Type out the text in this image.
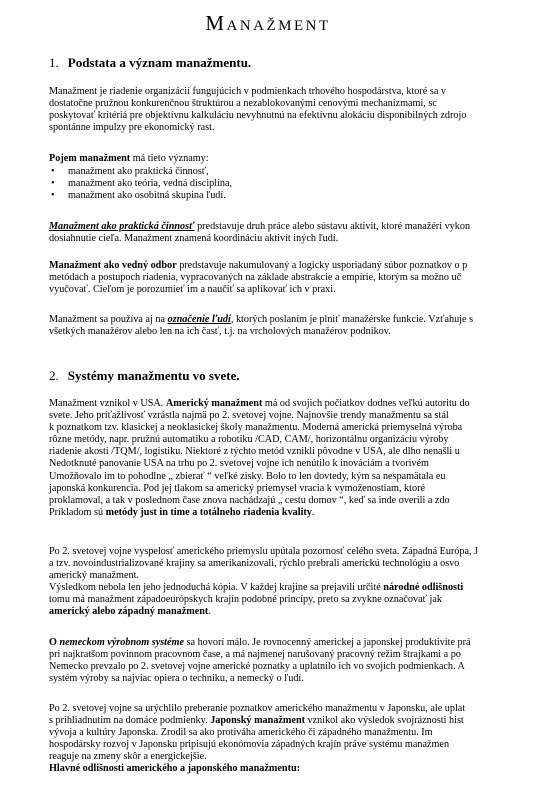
MANAŽMENT
1. Podstata a význam manažmentu.
Manažment je riadenie organizácií fungujúcich v podmienkach trhového hospodárstva, ktoré sa v
dostatočne pružnou konkurenčnou štruktúrou a nezablokovanými cenovými mechanizmami, sc
poskytovať kritériá pre objektívnu kalkuláciu nevyhnutnú na efektívnu alokáciu disponibilných zdrojo
spontánne impulzy pre ekonomický rast.
Pojem manažment má tieto významy:
• manažment ako praktická činnosť,
• manažment ako teória, vedná disciplína,
• manažment ako osobitná skupina ľudí.
Manažment ako praktická činnosť predstavuje druh práce alebo sústavu aktivít, ktoré manažéri vykon
dosiahnutie cieľa. Manažment znamená koordináciu aktivít iných ľudí.
Manažment ako vedný odbor predstavuje nakumulovaný a logicky usporiadaný súbor poznatkov o p
metódach a postupoch riadenia, vypracovaných na základe abstrakcie a empírie, ktorým sa možno uč
vyučovať. Cieľom je porozumieť im a naučiť sa aplikovať ich v praxi.
Manažment sa používa aj na označenie ľudí, ktorých poslaním je plniť manažérske funkcie. Vzťahuje s
všetkých manažérov alebo len na ich časť, t.j. na vrcholových manažérov podnikov.
2. Systémy manažmentu vo svete.
Manažment vznikol v USA. Americký manažment má od svojich počiatkov dodnes veľkú autoritu do
svete. Jeho príťažlivosť vzrástla najmä po 2. svetovej vojne. Najnovšie trendy manažmentu sa stál
k poznatkom tzv. klasickej a neoklasickej školy manažmentu. Moderná americká priemyselná výroba
rôzne metódy, napr. pružnú automatiku a robotiku /CAD, CAM/, horizontálnu organizáciu výroby
riadenie akosti /TQM/, logistiku. Niektoré z týchto metód vznikli pôvodne v USA, ale dlho nenašli u
Nedotknuté panovanie USA na trhu po 2. svetovej vojne ich nenútilo k inováciám a tvorivém
Umožňovalo im to pohodlne „ zbierať “ veľké zisky. Bolo to len dovtedy, kým sa nespamätala eu
japonská konkurencia. Pod jej tlakom sa americký priemysel vracia k vymoženostiam, ktoré
proklamoval, a tak v poslednom čase znova nachádzajú „ cestu domov “, keď sa inde overili a zdo
Príkladom sú metódy just in time a totálneho riadenia kvality.
Po 2. svetovej vojne vyspelosť amerického priemyslu upútala pozornosť celého sveta. Západná Európa, J
a tzv. novoindustrializované krajiny sa amerikanizovali, rýchlo prebrali americkú technológiu a osvo
americký manažment.
Výsledkom nebola len jeho jednoduchá kópia. V každej krajine sa prejavili určité národné odlišnosti
tomu má manažment západoeurópskych krajín podobné princípy, preto sa zvykne označovať jak
americký alebo západný manažment.
O nemeckom výrobnom systéme sa hovorí málo. Je rovnocenný americkej a japonskej produktivite prá
pri najkratšom povinnom pracovnom čase, a má najmenej narušovaný pracovný režim štrajkami a po
Nemecko prevzalo po 2. svetovej vojne americké poznatky a uplatnilo ich vo svojich podmienkach. A
systém výroby sa najviac opiera o techniku, a nemecký o ľudí.
Po 2. svetovej vojne sa urýchlilo preberanie poznatkov amerického manažmentu v Japonsku, ale uplat
s prihliadnutím na domáce podmienky. Japonský manažment vznikol ako výsledok svojráznosti hist
vývoja a kultúry Japonska. Zrodil sa ako protiváha amerického či západného manažmentu. Im
hospodársky rozvoj v Japonsku pripisujú ekonómovia západných krajín práve systému manažmen
reaguje na zmeny skôr a energickejšie.
Hlavné odlišnosti amerického a japonského manažmentu:
